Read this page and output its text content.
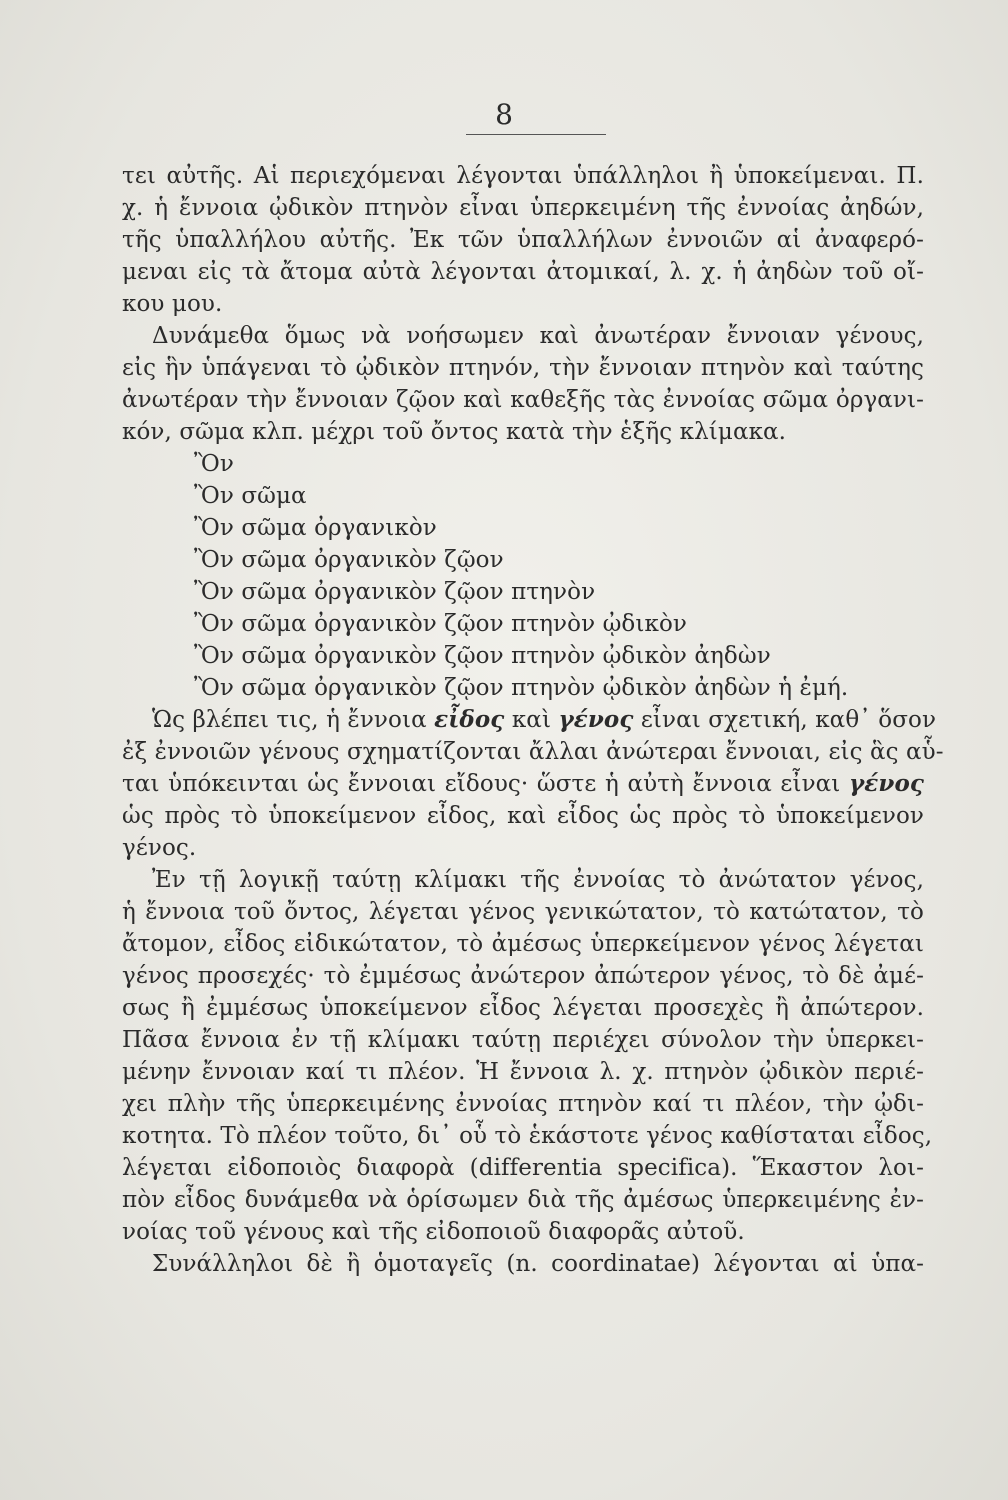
8
τει αὐτῆς. Αἱ περιεχόμεναι λέγονται ὑπάλληλοι ἢ ὑποκείμεναι. Π.
χ. ἡ ἔννοια ᾠδικὸν πτηνὸν εἶναι ὑπερκειμένη τῆς ἐννοίας ἀηδών,
τῆς ὑπαλλήλου αὐτῆς. Ἐκ τῶν ὑπαλλήλων ἐννοιῶν αἱ ἀναφερό-
μεναι εἰς τὰ ἄτομα αὐτὰ λέγονται ἀτομικαί, λ. χ. ἡ ἀηδὼν τοῦ οἴ-
κου μου.
Δυνάμεθα ὅμως νὰ νοήσωμεν καὶ ἀνωτέραν ἔννοιαν γένους,
εἰς ἣν ὑπάγεναι τὸ ᾠδικὸν πτηνόν, τὴν ἔννοιαν πτηνὸν καὶ ταύτης
ἀνωτέραν τὴν ἔννοιαν ζῷον καὶ καθεξῆς τὰς ἐννοίας σῶμα ὀργανι-
κόν, σῶμα κλπ. μέχρι τοῦ ὄντος κατὰ τὴν ἑξῆς κλίμακα.
Ὂν
Ὂν σῶμα
Ὂν σῶμα ὀργανικὸν
Ὂν σῶμα ὀργανικὸν ζῷον
Ὂν σῶμα ὀργανικὸν ζῷον πτηνὸν
Ὂν σῶμα ὀργανικὸν ζῷον πτηνὸν ᾠδικὸν
Ὂν σῶμα ὀργανικὸν ζῷον πτηνὸν ᾠδικὸν ἀηδὼν
Ὂν σῶμα ὀργανικὸν ζῷον πτηνὸν ᾠδικὸν ἀηδὼν ἡ ἐμή.
Ὡς βλέπει τις, ἡ ἔννοια εἶδος καὶ γένος εἶναι σχετική, καθ᾽ ὅσον
ἐξ ἐννοιῶν γένους σχηματίζονται ἄλλαι ἀνώτεραι ἔννοιαι, εἰς ἃς αὗ-
ται ὑπόκεινται ὡς ἔννοιαι εἴδους· ὥστε ἡ αὐτὴ ἔννοια εἶναι γένος
ὡς πρὸς τὸ ὑποκείμενον εἶδος, καὶ εἶδος ὡς πρὸς τὸ ὑποκείμενον
γένος.
Ἐν τῇ λογικῇ ταύτῃ κλίμακι τῆς ἐννοίας τὸ ἀνώτατον γένος,
ἡ ἔννοια τοῦ ὄντος, λέγεται γένος γενικώτατον, τὸ κατώτατον, τὸ
ἄτομον, εἶδος εἰδικώτατον, τὸ ἀμέσως ὑπερκείμενον γένος λέγεται
γένος προσεχές· τὸ ἐμμέσως ἀνώτερον ἀπώτερον γένος, τὸ δὲ ἀμέ-
σως ἢ ἐμμέσως ὑποκείμενον εἶδος λέγεται προσεχὲς ἢ ἀπώτερον.
Πᾶσα ἔννοια ἐν τῇ κλίμακι ταύτῃ περιέχει σύνολον τὴν ὑπερκει-
μένην ἔννοιαν καί τι πλέον. Ἡ ἔννοια λ. χ. πτηνὸν ᾠδικὸν περιέ-
χει πλὴν τῆς ὑπερκειμένης ἐννοίας πτηνὸν καί τι πλέον, τὴν ᾠδι-
κοτητα. Τὸ πλέον τοῦτο, δι᾽ οὗ τὸ ἑκάστοτε γένος καθίσταται εἶδος,
λέγεται εἰδοποιὸς διαφορὰ (differentia specifica). Ἕκαστον λοι-
πὸν εἶδος δυνάμεθα νὰ ὁρίσωμεν διὰ τῆς ἀμέσως ὑπερκειμένης ἐν-
νοίας τοῦ γένους καὶ τῆς εἰδοποιοῦ διαφορᾶς αὐτοῦ.
Συνάλληλοι δὲ ἢ ὁμοταγεῖς (n. coordinatae) λέγονται αἱ ὑπα-
